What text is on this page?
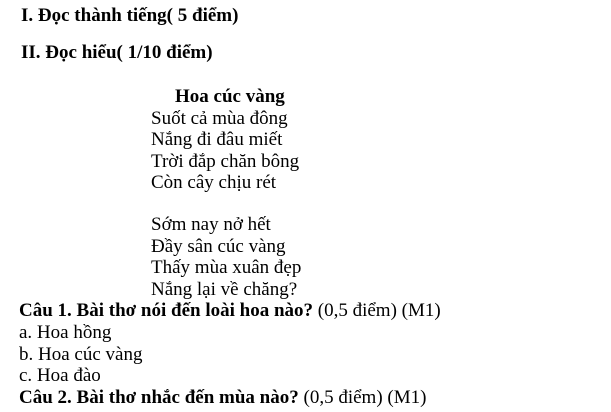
I. Đọc thành tiếng( 5 điểm)
II. Đọc hiểu( 1/10 điểm)
Hoa cúc vàng
Suốt cả mùa đông
Nắng đi đâu miết
Trời đắp chăn bông
Còn cây chịu rét
Sớm nay nở hết
Đầy sân cúc vàng
Thấy mùa xuân đẹp
Nắng lại về chăng?
Câu 1. Bài thơ nói đến loài hoa nào? (0,5 điểm) (M1)
a. Hoa hồng
b. Hoa cúc vàng
c. Hoa đào
Câu 2. Bài thơ nhắc đến mùa nào? (0,5 điểm) (M1)
